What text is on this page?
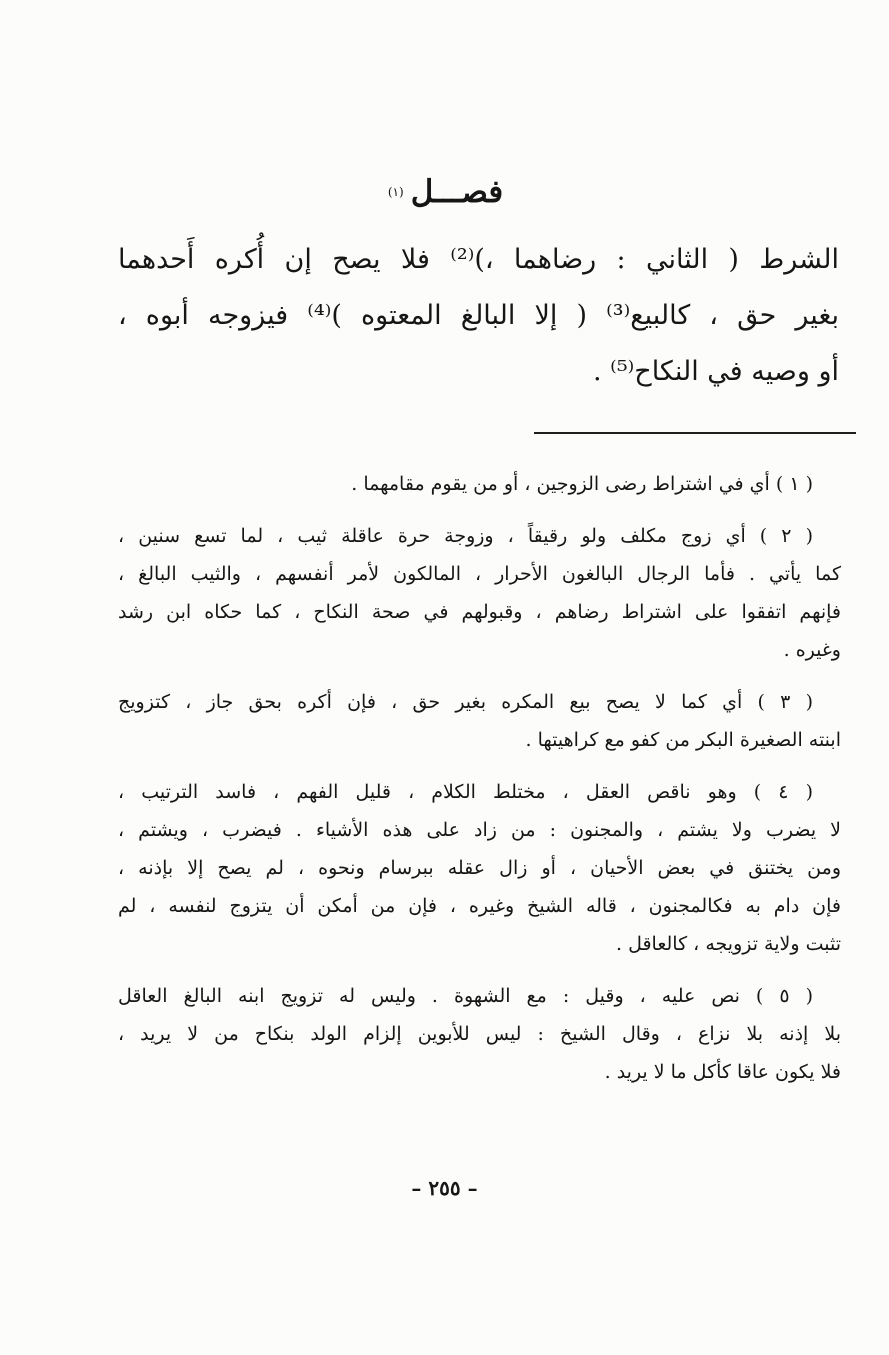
فصـــل $^{(١)}$
الشرط ( الثاني : رضاهما ،)⁽²⁾ فلا يصح إن أُكره أَحدهما
بغير حق ، كالبيع⁽³⁾ ( إلا البالغ المعتوه )⁽⁴⁾ فيزوجه أبوه ،
أو وصيه في النكاح⁽⁵⁾ .
( ١ ) أي في اشتراط رضى الزوجين ، أو من يقوم مقامهما .
( ٢ ) أي زوج مكلف ولو رقيقاً ، وزوجة حرة عاقلة ثيب ، لما تسع سنين ،
كما يأتي . فأما الرجال البالغون الأحرار ، المالكون لأمر أنفسهم ، والثيب البالغ ،
فإنهم اتفقوا على اشتراط رضاهم ، وقبولهم في صحة النكاح ، كما حكاه ابن رشد
وغيره .
( ٣ ) أي كما لا يصح بيع المكره بغير حق ، فإن أكره بحق جاز ، كتزويج
ابنته الصغيرة البكر من كفو مع كراهيتها .
( ٤ ) وهو ناقص العقل ، مختلط الكلام ، قليل الفهم ، فاسد الترتيب ،
لا يضرب ولا يشتم ، والمجنون : من زاد على هذه الأشياء . فيضرب ، ويشتم ،
ومن يختنق في بعض الأحيان ، أو زال عقله ببرسام ونحوه ، لم يصح إلا بإذنه ،
فإن دام به فكالمجنون ، قاله الشيخ وغيره ، فإن من أمكن أن يتزوج لنفسه ، لم
تثبت ولاية تزويجه ، كالعاقل .
( ٥ ) نص عليه ، وقيل : مع الشهوة . وليس له تزويج ابنه البالغ العاقل
بلا إذنه بلا نزاع ، وقال الشيخ : ليس للأبوين إلزام الولد بنكاح من لا يريد ،
فلا يكون عاقا كأكل ما لا يريد .
– ٢٥٥ –
